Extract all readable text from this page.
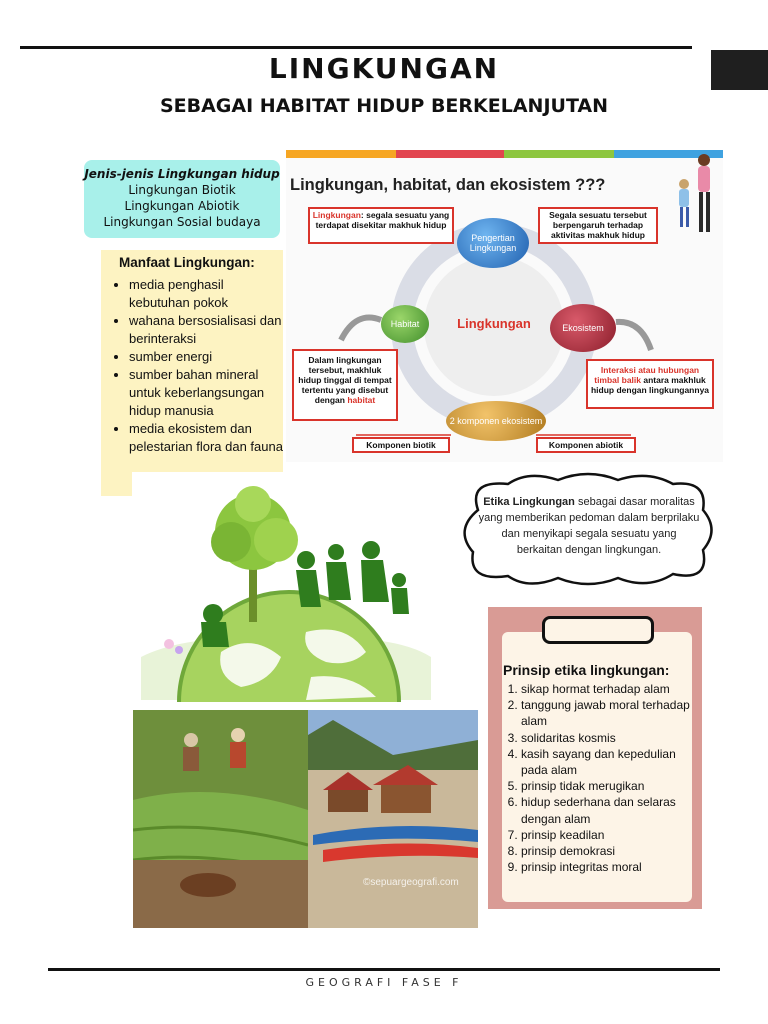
LINGKUNGAN
SEBAGAI HABITAT HIDUP BERKELANJUTAN
Jenis-jenis Lingkungan hidup
Lingkungan Biotik
Lingkungan Abiotik
Lingkungan Sosial budaya
Manfaat Lingkungan:
• media penghasil kebutuhan pokok
• wahana bersosialisasi dan berinteraksi
• sumber energi
• sumber bahan mineral untuk keberlangsungan hidup manusia
• media ekosistem dan pelestarian flora dan fauna
Lingkungan, habitat, dan ekosistem ???
Lingkungan: segala sesuatu yang terdapat disekitar makhuk hidup
Segala sesuatu tersebut berpengaruh terhadap aktivitas makhuk hidup
Pengertian Lingkungan
Habitat	Lingkungan	Ekosistem
Dalam lingkungan tersebut, makhluk hidup tinggal di tempat tertentu yang disebut dengan habitat
Interaksi atau hubungan timbal balik antara makhluk hidup dengan lingkungannya
2 komponen ekosistem
Komponen biotik	Komponen abiotik
Etika Lingkungan sebagai dasar moralitas yang memberikan pedoman dalam berprilaku dan menyikapi segala sesuatu yang berkaitan dengan lingkungan.
Prinsip etika lingkungan:
1. sikap hormat terhadap alam
2. tanggung jawab moral terhadap alam
3. solidaritas kosmis
4. kasih sayang dan kepedulian pada alam
5. prinsip tidak merugikan
6. hidup sederhana dan selaras dengan alam
7. prinsip keadilan
8. prinsip demokrasi
9. prinsip integritas moral
©sepuargeografi.com
GEOGRAFI FASE F
